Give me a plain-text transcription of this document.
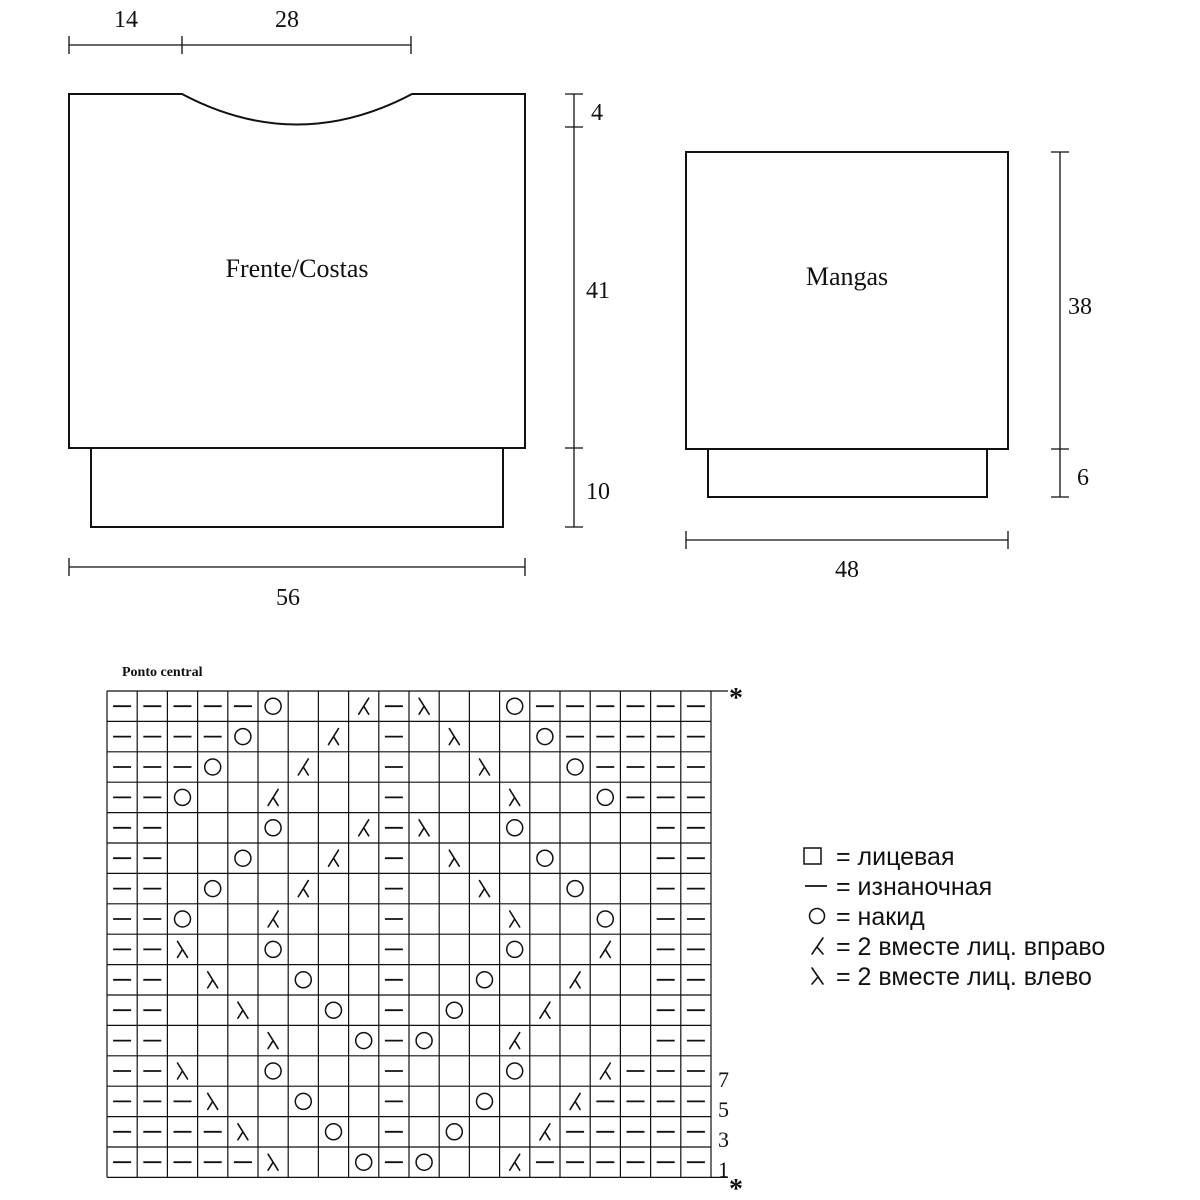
14	28
Frente/Costas
4
41
10
56
Mangas
38
6
48
Ponto central
7
5
3
1
*
*
= лицевая
= изнаночная
= накид
= 2 вместе лиц. вправо
= 2 вместе лиц. влево
